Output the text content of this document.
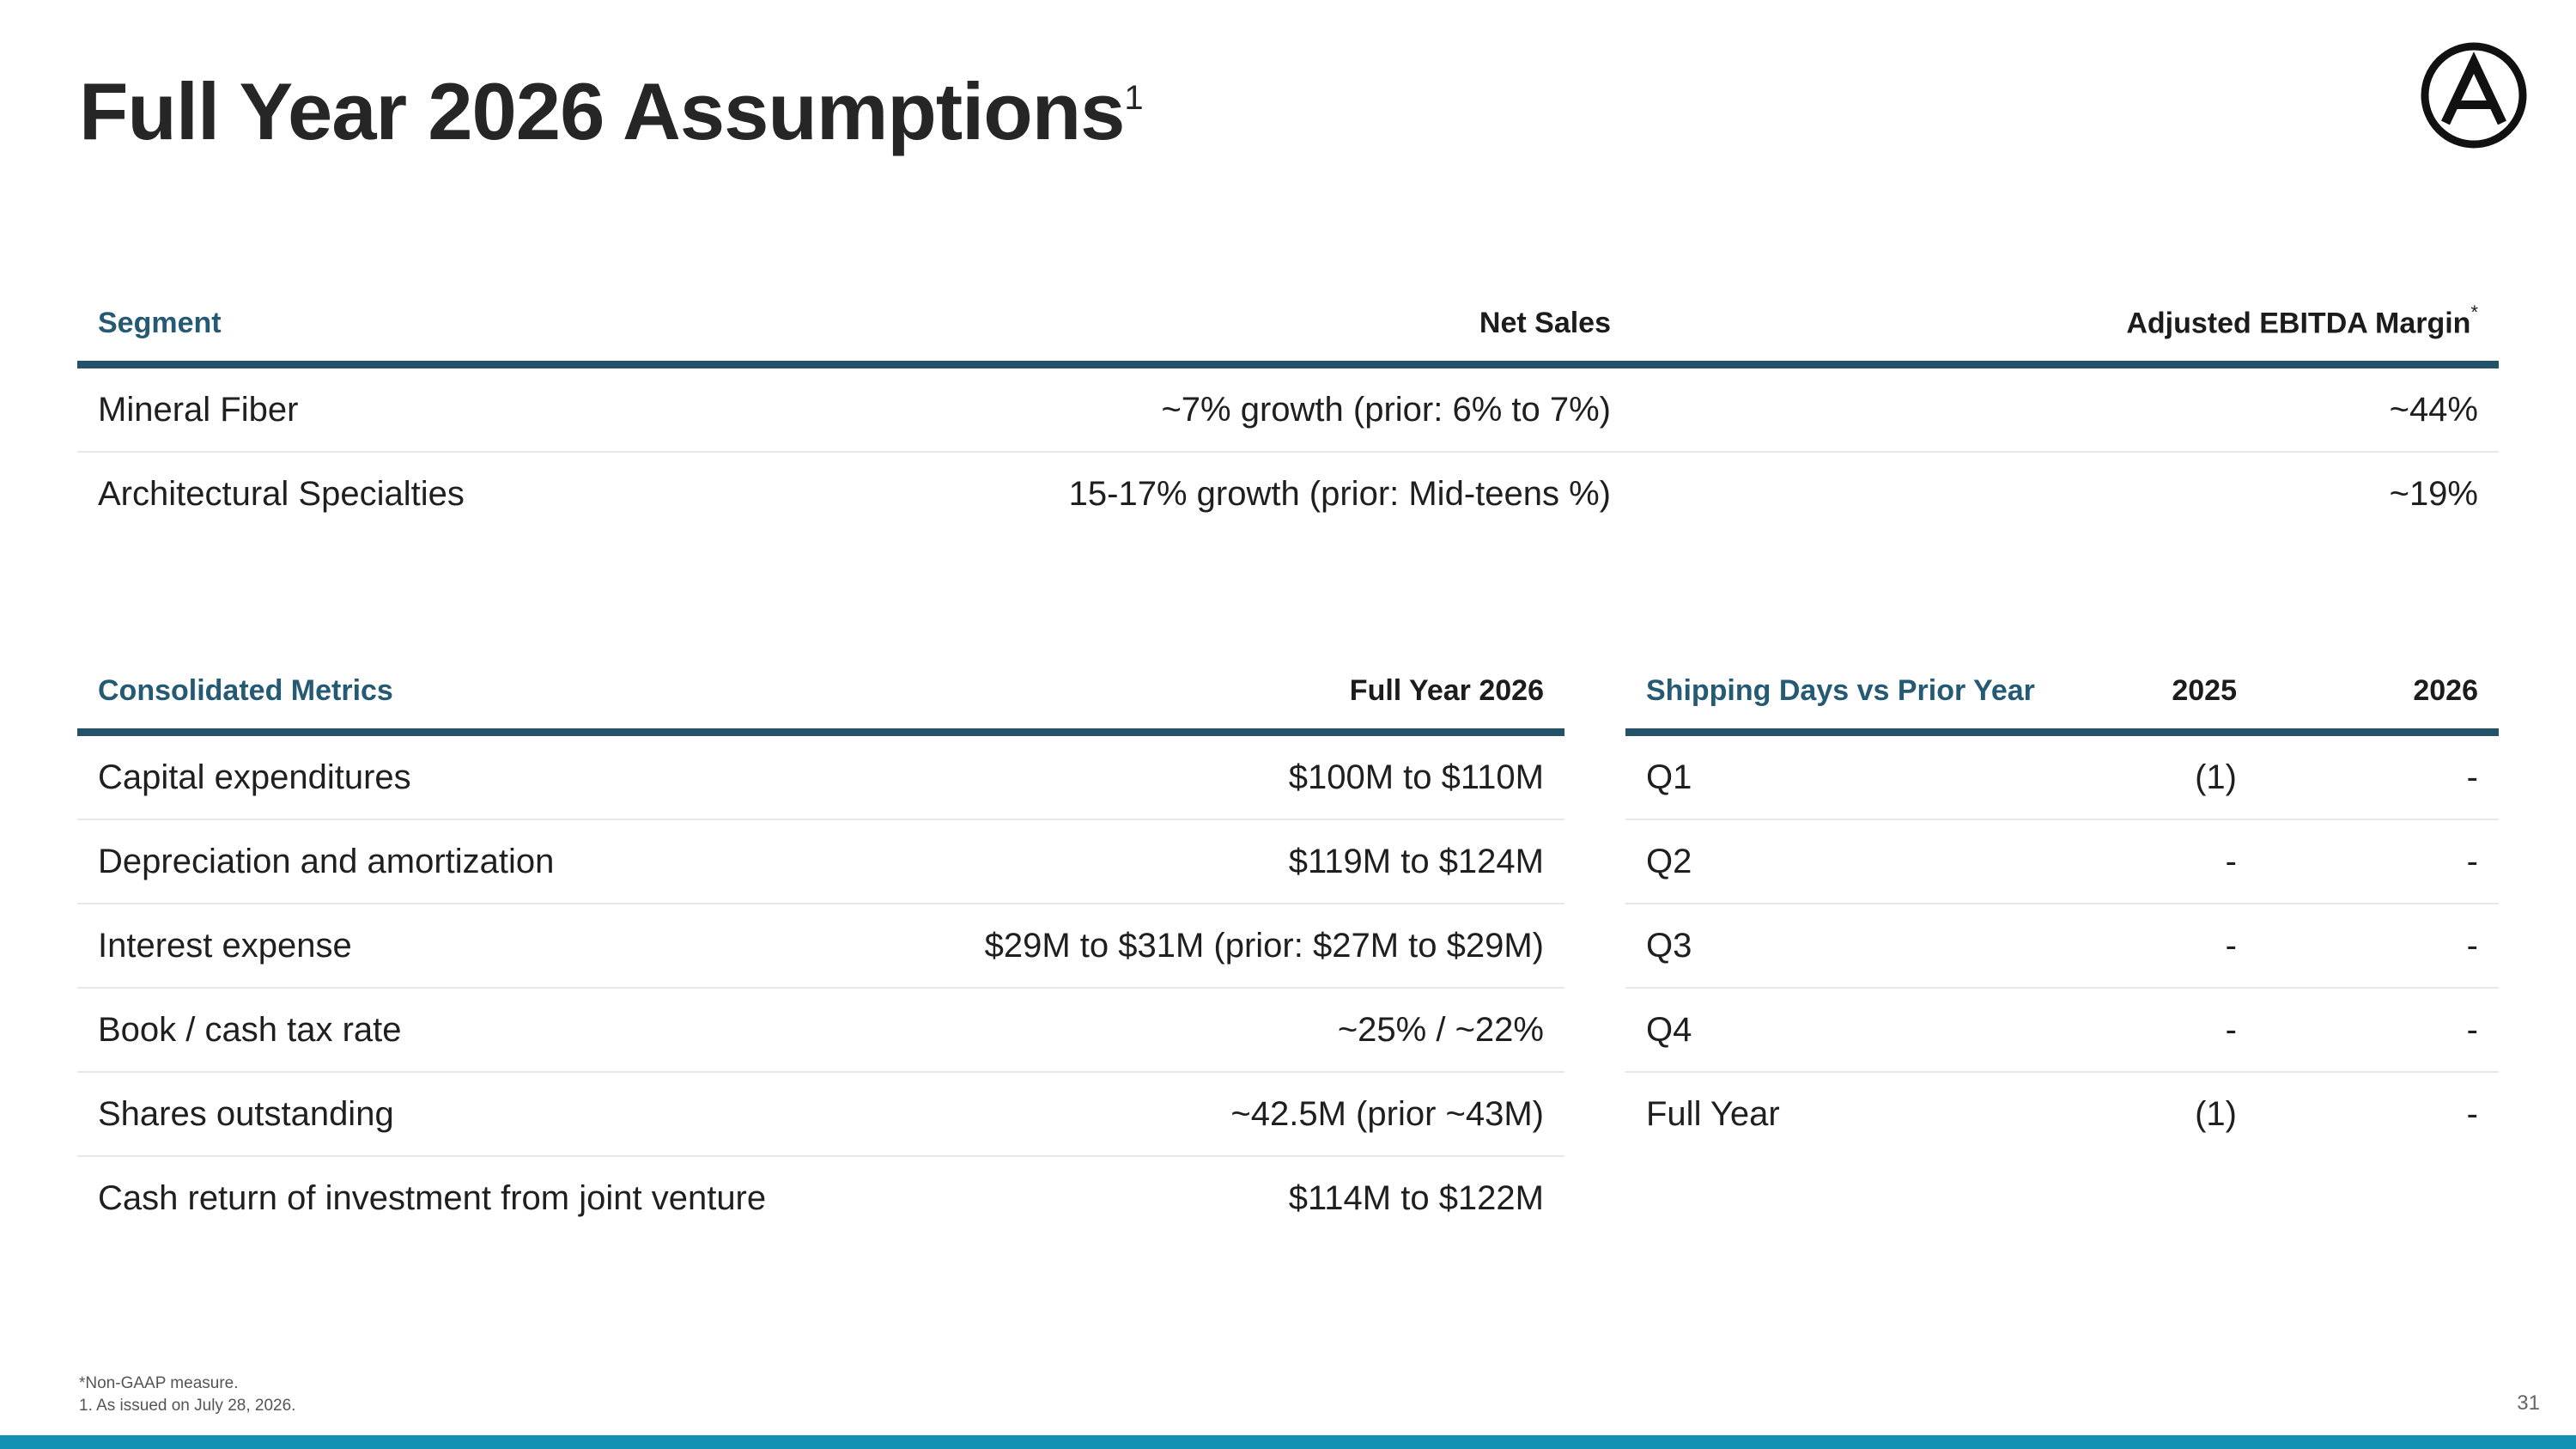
Full Year 2026 Assumptions$^1$
Segment	Net Sales	Adjusted EBITDA Margin*
Mineral Fiber	~7% growth (prior: 6% to 7%)	~44%
Architectural Specialties	15-17% growth (prior: Mid-teens %)	~19%
Consolidated Metrics	Full Year 2026
Capital expenditures	$100M to $110M
Depreciation and amortization	$119M to $124M
Interest expense	$29M to $31M (prior: $27M to $29M)
Book / cash tax rate	~25% / ~22%
Shares outstanding	~42.5M (prior ~43M)
Cash return of investment from joint venture	$114M to $122M
Shipping Days vs Prior Year	2025	2026
Q1	(1)	-
Q2	-	-
Q3	-	-
Q4	-	-
Full Year	(1)	-
*Non-GAAP measure.
1. As issued on July 28, 2026.	31
